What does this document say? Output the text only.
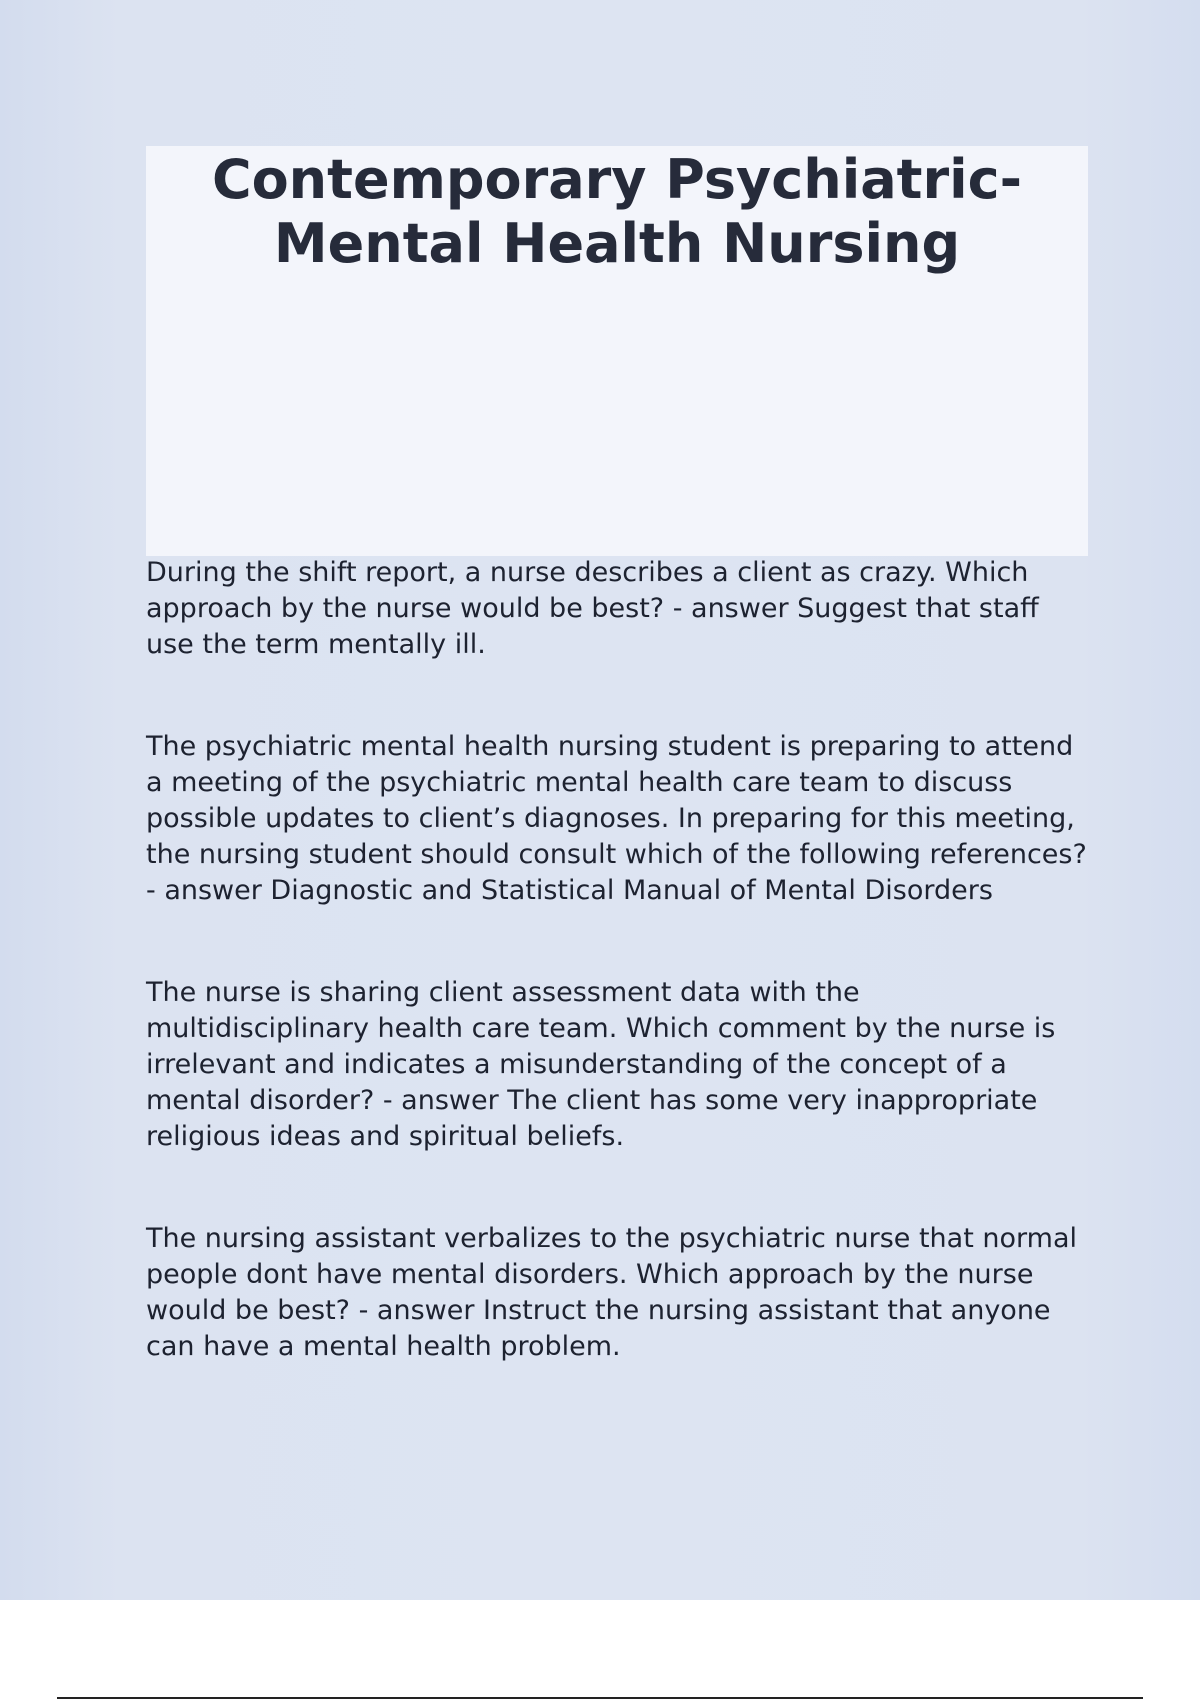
Contemporary Psychiatric-Mental Health Nursing

During the shift report, a nurse describes a client as crazy. Which approach by the nurse would be best? - answer Suggest that staff use the term mentally ill.

The psychiatric mental health nursing student is preparing to attend a meeting of the psychiatric mental health care team to discuss possible updates to client’s diagnoses. In preparing for this meeting, the nursing student should consult which of the following references? - answer Diagnostic and Statistical Manual of Mental Disorders

The nurse is sharing client assessment data with the multidisciplinary health care team. Which comment by the nurse is irrelevant and indicates a misunderstanding of the concept of a mental disorder? - answer The client has some very inappropriate religious ideas and spiritual beliefs.

The nursing assistant verbalizes to the psychiatric nurse that normal people dont have mental disorders. Which approach by the nurse would be best? - answer Instruct the nursing assistant that anyone can have a mental health problem.
